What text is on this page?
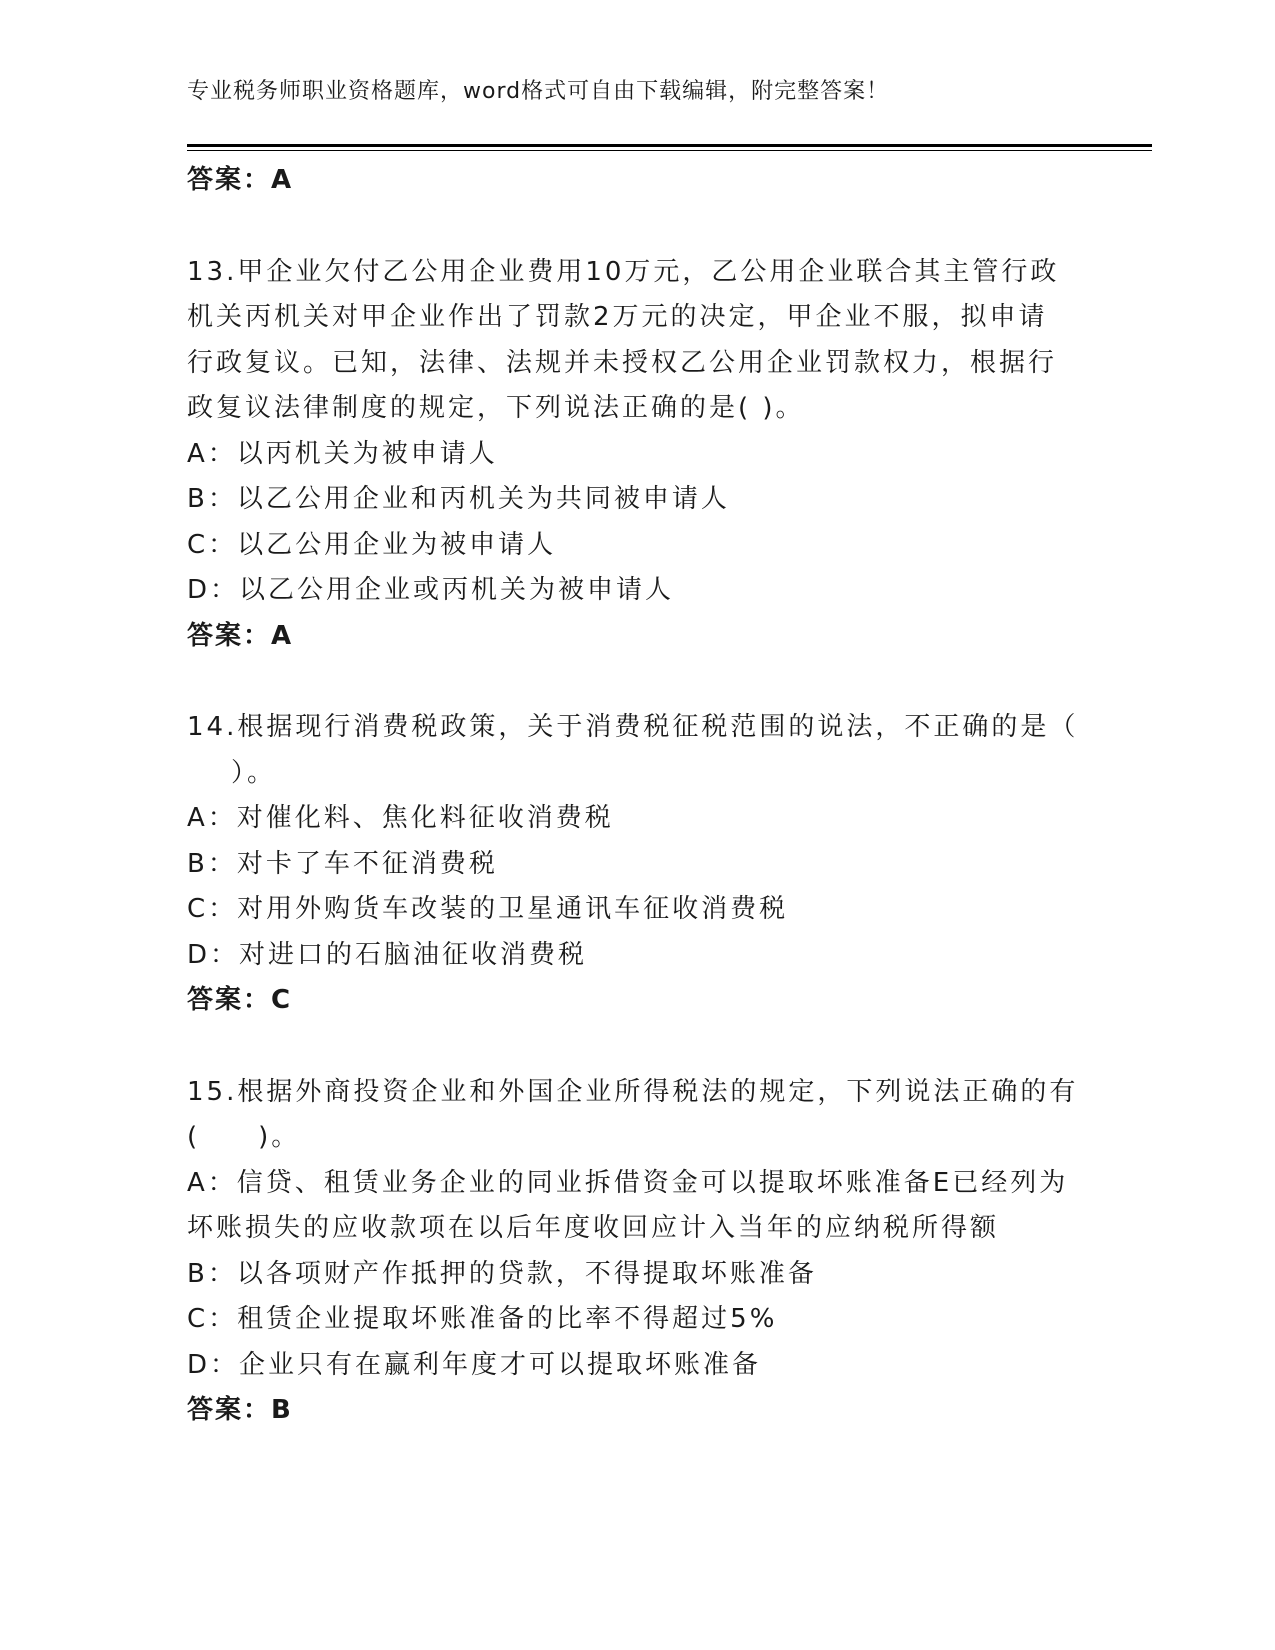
专业税务师职业资格题库，word格式可自由下载编辑，附完整答案！
答案：A
13.甲企业欠付乙公用企业费用10万元，乙公用企业联合其主管行政
机关丙机关对甲企业作出了罚款2万元的决定，甲企业不服，拟申请
行政复议。已知，法律、法规并未授权乙公用企业罚款权力，根据行
政复议法律制度的规定，下列说法正确的是( )。
A：以丙机关为被申请人
B：以乙公用企业和丙机关为共同被申请人
C：以乙公用企业为被申请人
D：以乙公用企业或丙机关为被申请人
答案：A
14.根据现行消费税政策，关于消费税征税范围的说法，不正确的是（
）。
A：对催化料、焦化料征收消费税
B：对卡了车不征消费税
C：对用外购货车改装的卫星通讯车征收消费税
D：对进口的石脑油征收消费税
答案：C
15.根据外商投资企业和外国企业所得税法的规定，下列说法正确的有
(　　)。
A：信贷、租赁业务企业的同业拆借资金可以提取坏账准备E已经列为
坏账损失的应收款项在以后年度收回应计入当年的应纳税所得额
B：以各项财产作抵押的贷款，不得提取坏账准备
C：租赁企业提取坏账准备的比率不得超过5%
D：企业只有在赢利年度才可以提取坏账准备
答案：B
